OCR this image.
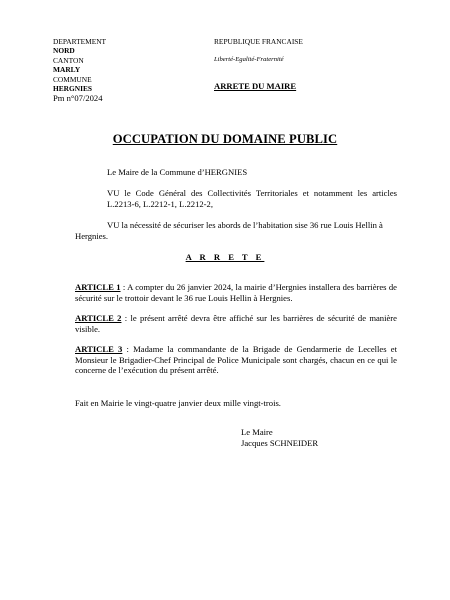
DEPARTEMENT
NORD
CANTON
MARLY
COMMUNE
HERGNIES
Pm n°07/2024
REPUBLIQUE FRANCAISE
Liberté-Egalité-Fraternité
ARRETE DU MAIRE
OCCUPATION DU DOMAINE PUBLIC
Le Maire de la Commune d’HERGNIES
VU le Code Général des Collectivités Territoriales et notamment les articles L.2213-6, L.2212-1, L.2212-2,
VU la nécessité de sécuriser les abords de l’habitation sise 36 rue Louis Hellin à Hergnies.
A R R E T E
ARTICLE 1 : A compter du 26 janvier 2024, la mairie d’Hergnies installera des barrières de sécurité sur le trottoir devant le 36 rue Louis Hellin à Hergnies.
ARTICLE 2 : le présent arrêté devra être affiché sur les barrières de sécurité de manière visible.
ARTICLE 3 : Madame la commandante de la Brigade de Gendarmerie de Lecelles et Monsieur le Brigadier-Chef Principal de Police Municipale sont chargés, chacun en ce qui le concerne de l’exécution du présent arrêté.
Fait en Mairie le vingt-quatre janvier deux mille vingt-trois.
Le Maire
Jacques SCHNEIDER
